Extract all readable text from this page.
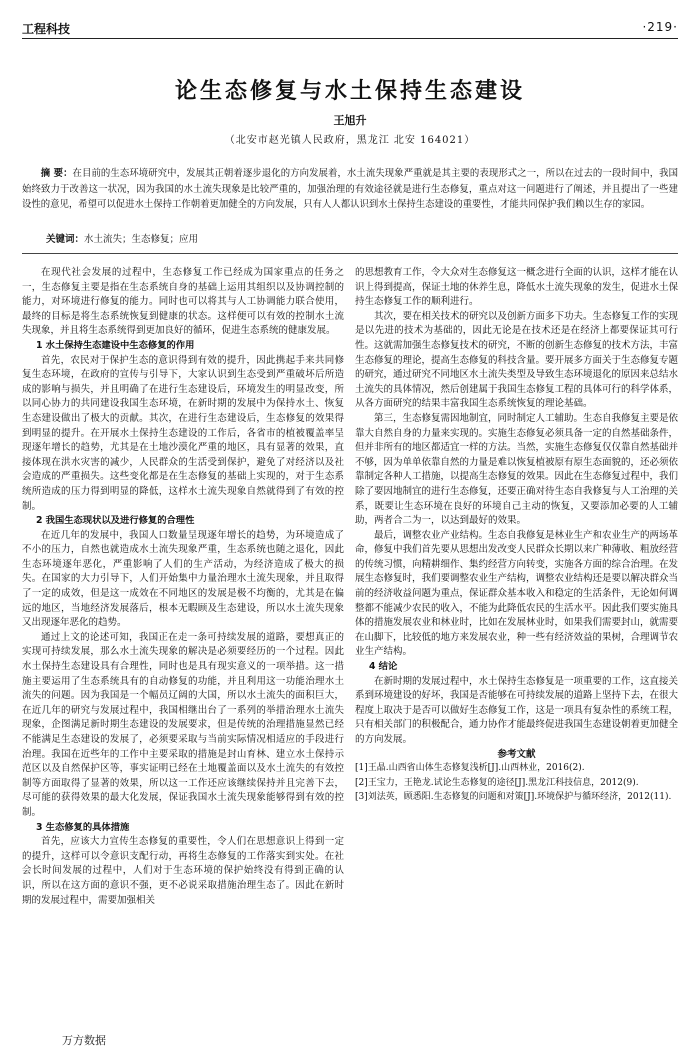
工程科技	·219·
论生态修复与水土保持生态建设
王旭升
（北安市赵光镇人民政府，黑龙江 北安 164021）
摘 要：在目前的生态环境研究中，发展其正朝着逐步退化的方向发展着，水土流失现象严重就是其主要的表现形式之一，所以在过去的一段时间中，我国始终致力于改善这一状况，因为我国的水土流失现象是比较严重的，加强治理的有效途径就是进行生态修复，重点对这一问题进行了阐述，并且提出了一些建设性的意见，希望可以促进水土保持工作朝着更加健全的方向发展，只有人人都认识到水土保持生态建设的重要性，才能共同保护我们赖以生存的家园。
关键词：水土流失；生态修复；应用

在现代社会发展的过程中，生态修复工作已经成为国家重点的任务之一，生态修复主要是指在生态系统自身的基础上运用其组织以及协调控制的能力，对环境进行修复的能力。同时也可以将其与人工协调能力联合使用，最终的目标是将生态系统恢复到健康的状态。这样便可以有效的控制水土流失现象，并且将生态系统得到更加良好的循环，促进生态系统的健康发展。

1 水土保持生态建设中生态修复的作用

首先，农民对于保护生态的意识得到有效的提升，因此携起手来共同修复生态环境，在政府的宣传与引导下，大家认识到生态受到严重破坏后所造成的影响与损失，并且明确了在进行生态建设后，环境发生的明显改变，所以同心协力的共同建设我国生态环境，在新时期的发展中为保持水土、恢复生态建设做出了极大的贡献。其次，在进行生态建设后，生态修复的效果得到明显的提升。在开展水土保持生态建设的工作后，各省市的植被覆盖率呈现逐年增长的趋势，尤其是在土地沙漠化严重的地区，具有显著的效果，直接体现在洪水灾害的减少，人民群众的生活受到保护，避免了对经济以及社会造成的严重损失。这些变化都是在生态修复的基础上实现的，对于生态系统所造成的压力得到明显的降低，这样水土流失现象自然就得到了有效的控制。

2 我国生态现状以及进行修复的合理性

在近几年的发展中，我国人口数量呈现逐年增长的趋势，为环境造成了不小的压力，自然也就造成水土流失现象严重，生态系统也随之退化，因此生态环境逐年恶化，严重影响了人们的生产活动，为经济造成了极大的损失。在国家的大力引导下，人们开始集中力量治理水土流失现象，并且取得了一定的成效，但是这一成效在不同地区的发展是极不均衡的，尤其是在偏远的地区，当地经济发展落后，根本无暇顾及生态建设，所以水土流失现象又出现逐年恶化的趋势。

通过上文的论述可知，我国正在走一条可持续发展的道路，要想真正的实现可持续发展，那么水土流失现象的解决是必须要经历的一个过程。因此水土保持生态建设具有合理性，同时也是具有现实意义的一项举措。这一措施主要运用了生态系统具有的自动修复的功能，并且利用这一功能治理水土流失的问题。因为我国是一个幅员辽阔的大国，所以水土流失的面积巨大，在近几年的研究与发展过程中，我国相继出台了一系列的举措治理水土流失现象，企图满足新时期生态建设的发展要求，但是传统的治理措施显然已经不能满足生态建设的发展了，必须要采取与当前实际情况相适应的手段进行治理。我国在近些年的工作中主要采取的措施是封山育林、建立水土保持示范区以及自然保护区等，事实证明已经在土地覆盖面以及水土流失的有效控制等方面取得了显著的效果，所以这一工作还应该继续保持并且完善下去，尽可能的获得效果的最大化发展，保证我国水土流失现象能够得到有效的控制。

3 生态修复的具体措施

首先，应该大力宣传生态修复的重要性，令人们在思想意识上得到一定的提升，这样可以令意识支配行动，再将生态修复的工作落实到实处。在社会长时间发展的过程中，人们对于生态环境的保护始终没有得到正确的认识，所以在这方面的意识不强，更不必说采取措施治理生态了。因此在新时期的发展过程中，需要加强相关

的思想教育工作，令大众对生态修复这一概念进行全面的认识，这样才能在认识上得到提高，保证土地的休养生息，降低水土流失现象的发生，促进水土保持生态修复工作的顺利进行。

其次，要在相关技术的研究以及创新方面多下功夫。生态修复工作的实现是以先进的技术为基础的，因此无论是在技术还是在经济上都要保证其可行性。这就需加强生态修复技术的研究，不断的创新生态修复的技术方法，丰富生态修复的理论，提高生态修复的科技含量。要开展多方面关于生态修复专题的研究，通过研究不同地区水土流失类型及导致生态环境退化的原因来总结水土流失的具体情况，然后创建属于我国生态修复工程的具体可行的科学体系，从各方面研究的结果丰富我国生态系统恢复的理论基础。

第三，生态修复需因地制宜，同时制定人工辅助。生态自我修复主要是依靠大自然自身的力量来实现的。实施生态修复必须具备一定的自然基础条件，但并非所有的地区都适宜一样的方法。当然，实施生态修复仅仅靠自然基础并不够，因为单单依靠自然的力量是难以恢复植被原有原生态面貌的，还必须依靠制定各种人工措施，以提高生态修复的效果。因此在生态修复过程中，我们除了要因地制宜的进行生态修复，还要正确对待生态自我修复与人工治理的关系，既要让生态环境在良好的环境自己主动的恢复，又要添加必要的人工辅助，两者合二为一，以达到最好的效果。

最后，调整农业产业结构。生态自我修复是林业生产和农业生产的两场革命，修复中我们首先要从思想出发改变人民群众长期以来广种薄收、粗放经营的传统习惯，向精耕细作、集约经营方向转变，实施各方面的综合治理。在发展生态修复时，我们要调整农业生产结构，调整农业结构还是要以解决群众当前的经济收益问题为重点，保证群众基本收入和稳定的生活条件，无论如何调整都不能减少农民的收入，不能为此降低农民的生活水平。因此我们要实施具体的措施发展农业和林业时，比如在发展林业时，如果我们需要封山，就需要在山脚下，比较低的地方来发展农业，种一些有经济效益的果树，合理调节农业生产结构。

4 结论

在新时期的发展过程中，水土保持生态修复是一项重要的工作，这直接关系到环境建设的好坏，我国是否能够在可持续发展的道路上坚持下去，在很大程度上取决于是否可以做好生态修复工作，这是一项具有复杂性的系统工程，只有相关部门的积极配合，通力协作才能最终促进我国生态建设朝着更加健全的方向发展。

参考文献
[1]王晶.山西省山体生态修复浅析[J].山西林业，2016(2).
[2]王宝力，王艳龙.试论生态修复的途径[J].黑龙江科技信息，2012(9).
[3]刘法英，顾悉阳.生态修复的问题和对策[J].环境保护与循环经济，2012(11).
万方数据
